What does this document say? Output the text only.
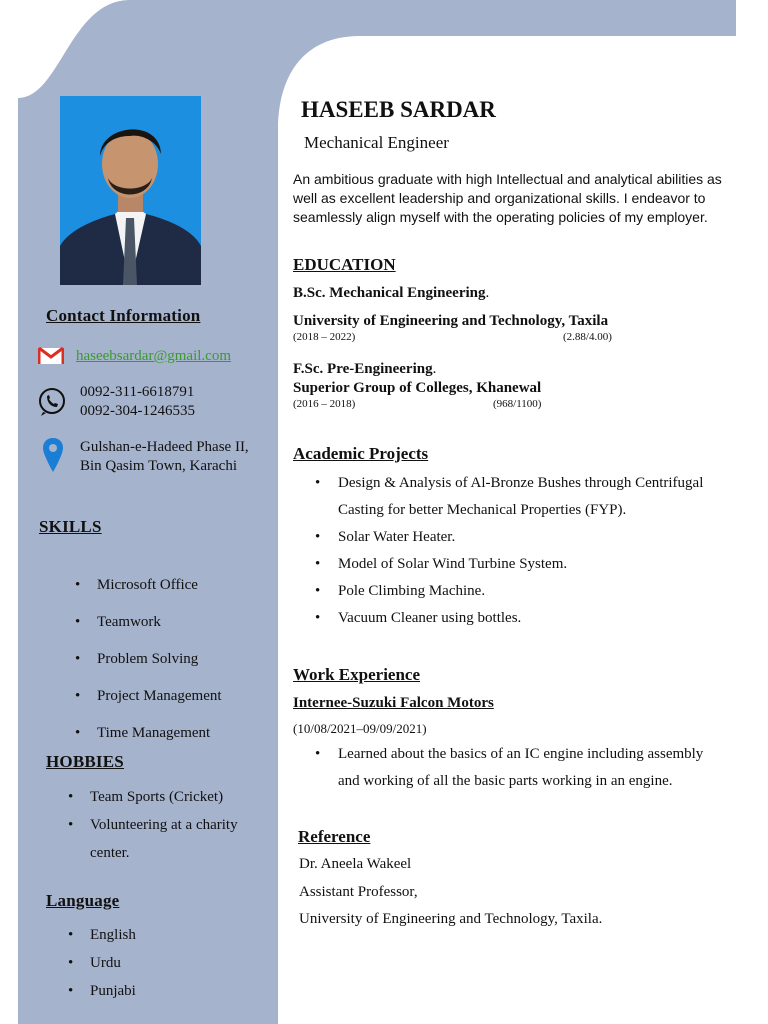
Contact Information
haseebsardar@gmail.com
0092-311-6618791
0092-304-1246535
Gulshan-e-Hadeed Phase II,
Bin Qasim Town, Karachi
SKILLS
• Microsoft Office
• Teamwork
• Problem Solving
• Project Management
• Time Management
HOBBIES
• Team Sports (Cricket)
• Volunteering at a charity
center.
Language
• English
• Urdu
• Punjabi
HASEEB SARDAR
Mechanical Engineer
An ambitious graduate with high Intellectual and analytical abilities as well as excellent leadership and organizational skills. I endeavor to seamlessly align myself with the operating policies of my employer.
EDUCATION
B.Sc. Mechanical Engineering.
University of Engineering and Technology, Taxila
(2018 – 2022)	(2.88/4.00)
F.Sc. Pre-Engineering.
Superior Group of Colleges, Khanewal
(2016 – 2018)	(968/1100)
Academic Projects
• Design & Analysis of Al-Bronze Bushes through Centrifugal Casting for better Mechanical Properties (FYP).
• Solar Water Heater.
• Model of Solar Wind Turbine System.
• Pole Climbing Machine.
• Vacuum Cleaner using bottles.
Work Experience
Internee-Suzuki Falcon Motors
(10/08/2021–09/09/2021)
• Learned about the basics of an IC engine including assembly and working of all the basic parts working in an engine.
Reference
Dr. Aneela Wakeel
Assistant Professor,
University of Engineering and Technology, Taxila.
